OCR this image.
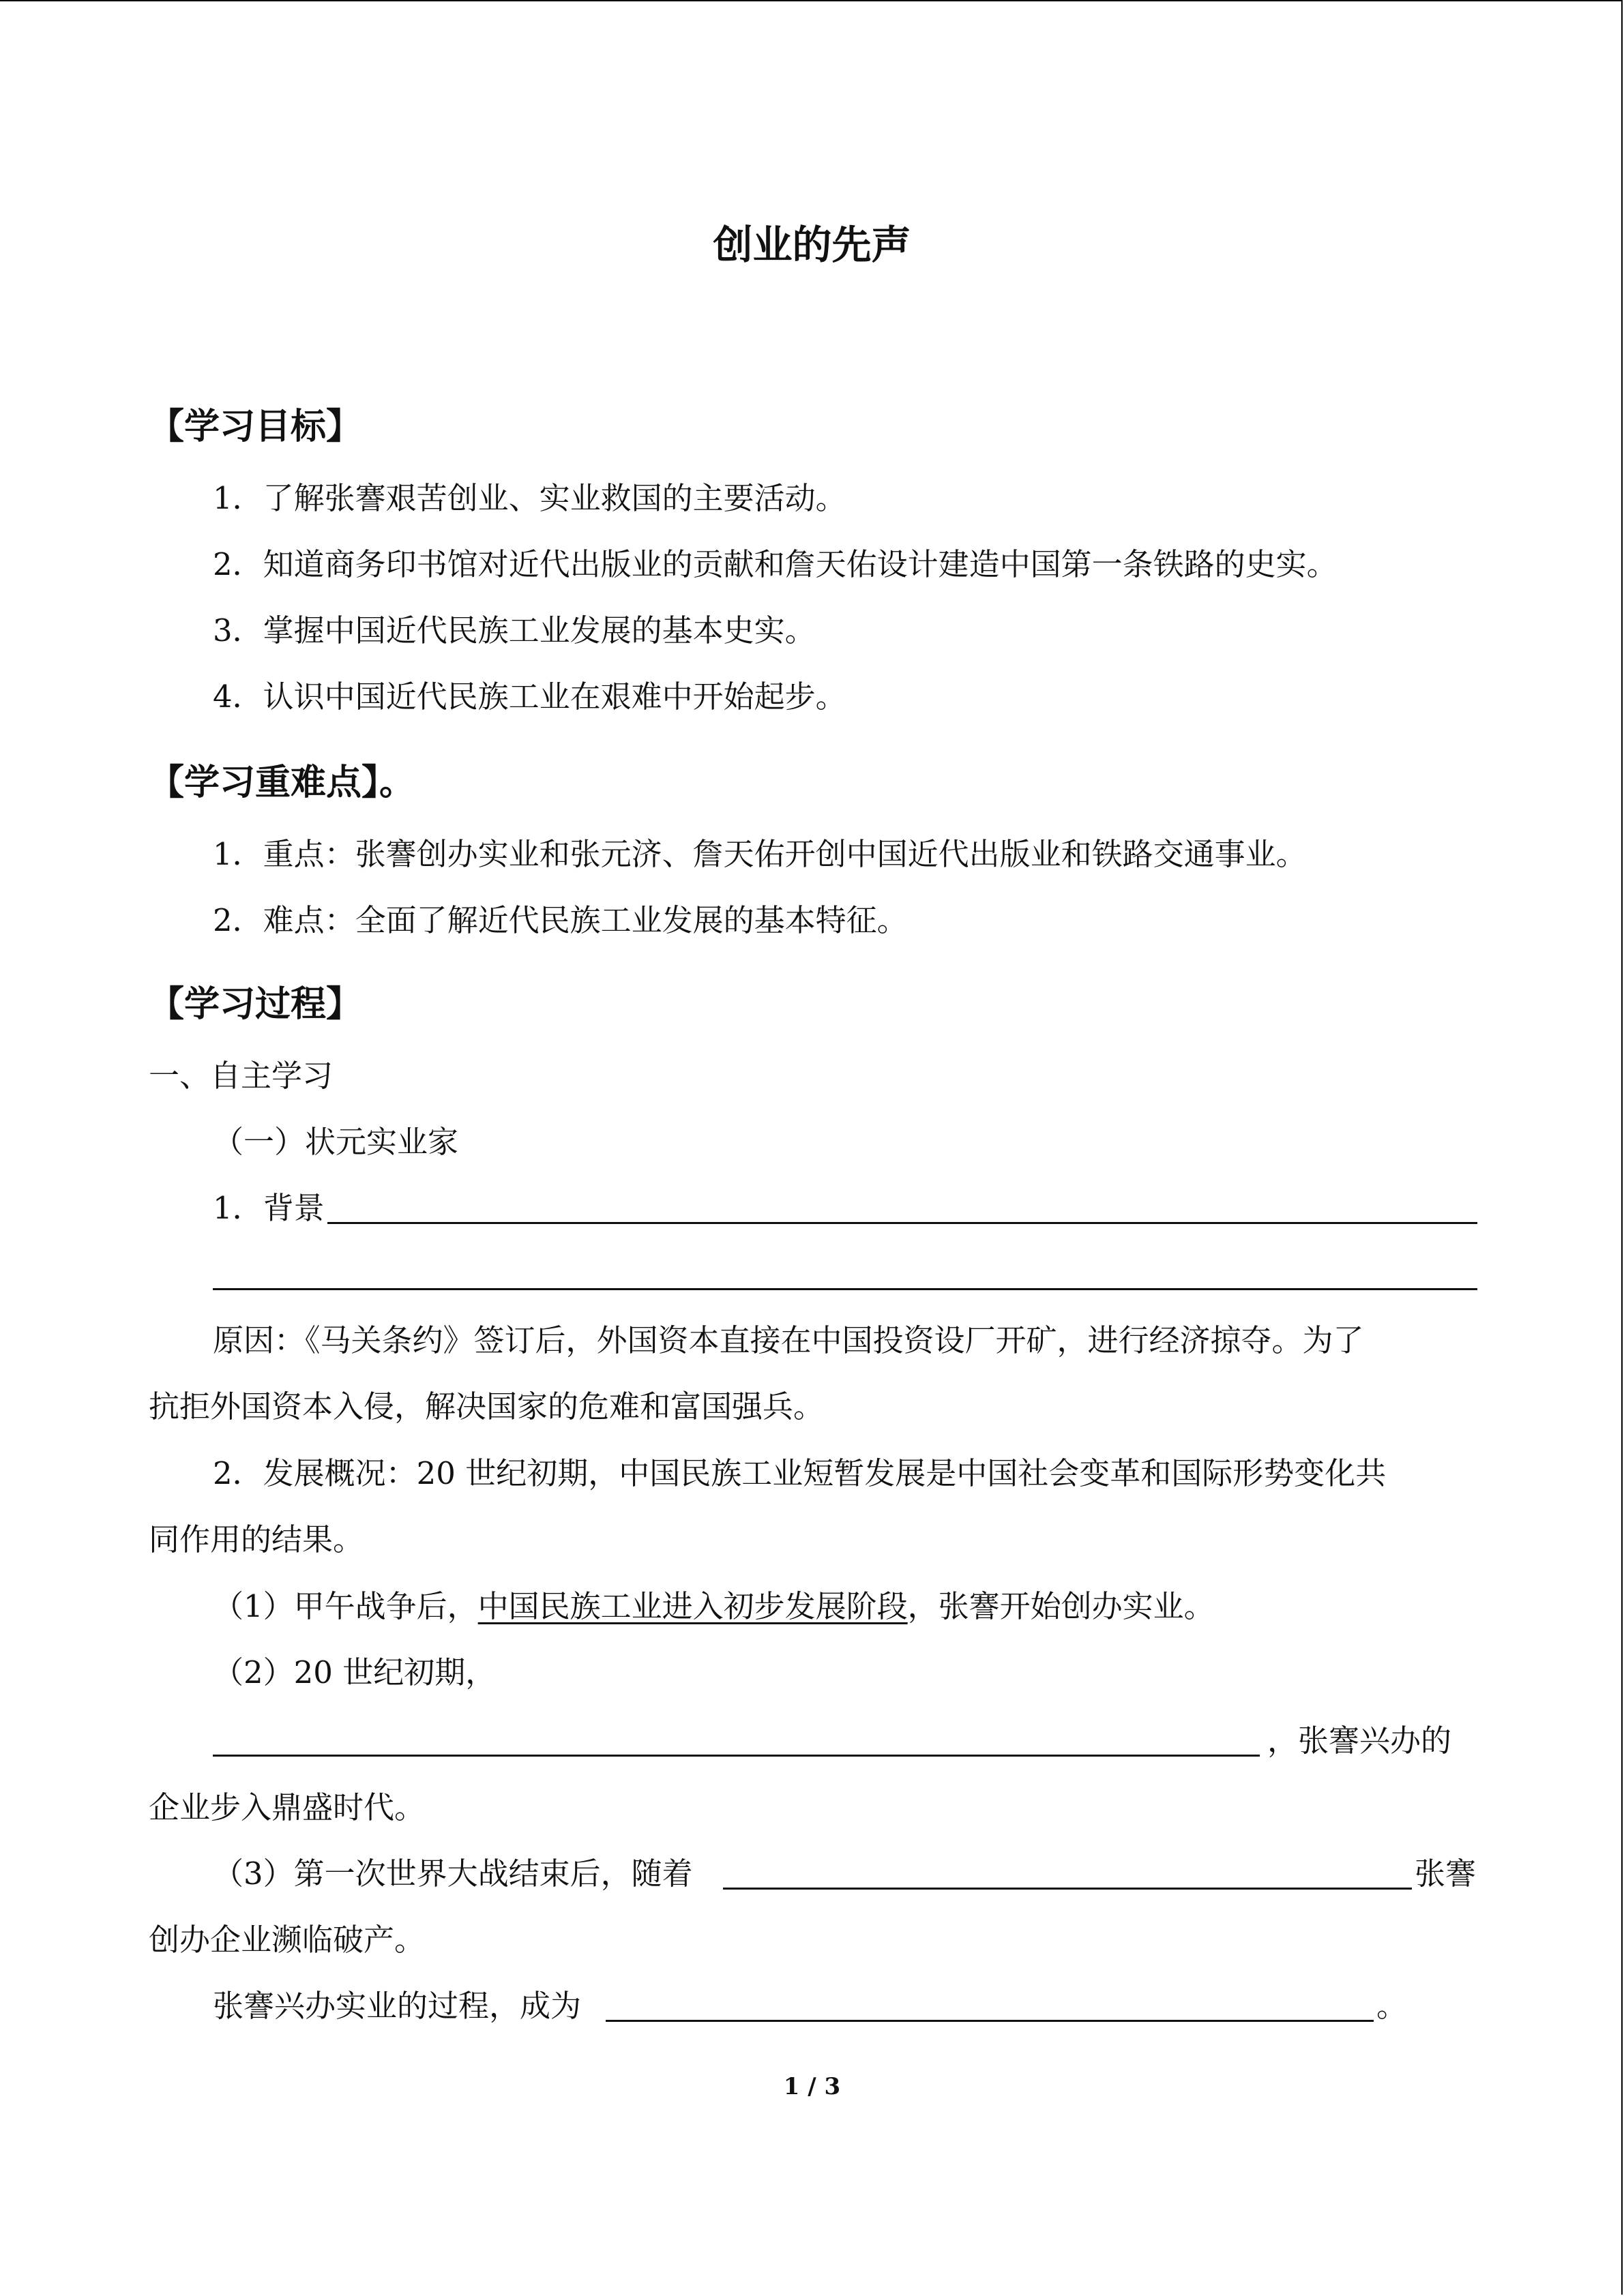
创业的先声
【学习目标】
1．了解张謇艰苦创业、实业救国的主要活动。
2．知道商务印书馆对近代出版业的贡献和詹天佑设计建造中国第一条铁路的史实。
3．掌握中国近代民族工业发展的基本史实。
4．认识中国近代民族工业在艰难中开始起步。
【学习重难点】。
1．重点：张謇创办实业和张元济、詹天佑开创中国近代出版业和铁路交通事业。
2．难点：全面了解近代民族工业发展的基本特征。
【学习过程】
一、自主学习
（一）状元实业家
1．背景
原因：《马关条约》签订后，外国资本直接在中国投资设厂开矿，进行经济掠夺。为了
抗拒外国资本入侵，解决国家的危难和富国强兵。
2．发展概况：20 世纪初期，中国民族工业短暂发展是中国社会变革和国际形势变化共
同作用的结果。
（1）甲午战争后，中国民族工业进入初步发展阶段，张謇开始创办实业。
（2）20 世纪初期，
，张謇兴办的
企业步入鼎盛时代。
（3）第一次世界大战结束后，随着	张謇
创办企业濒临破产。
张謇兴办实业的过程，成为	。
1 / 3
